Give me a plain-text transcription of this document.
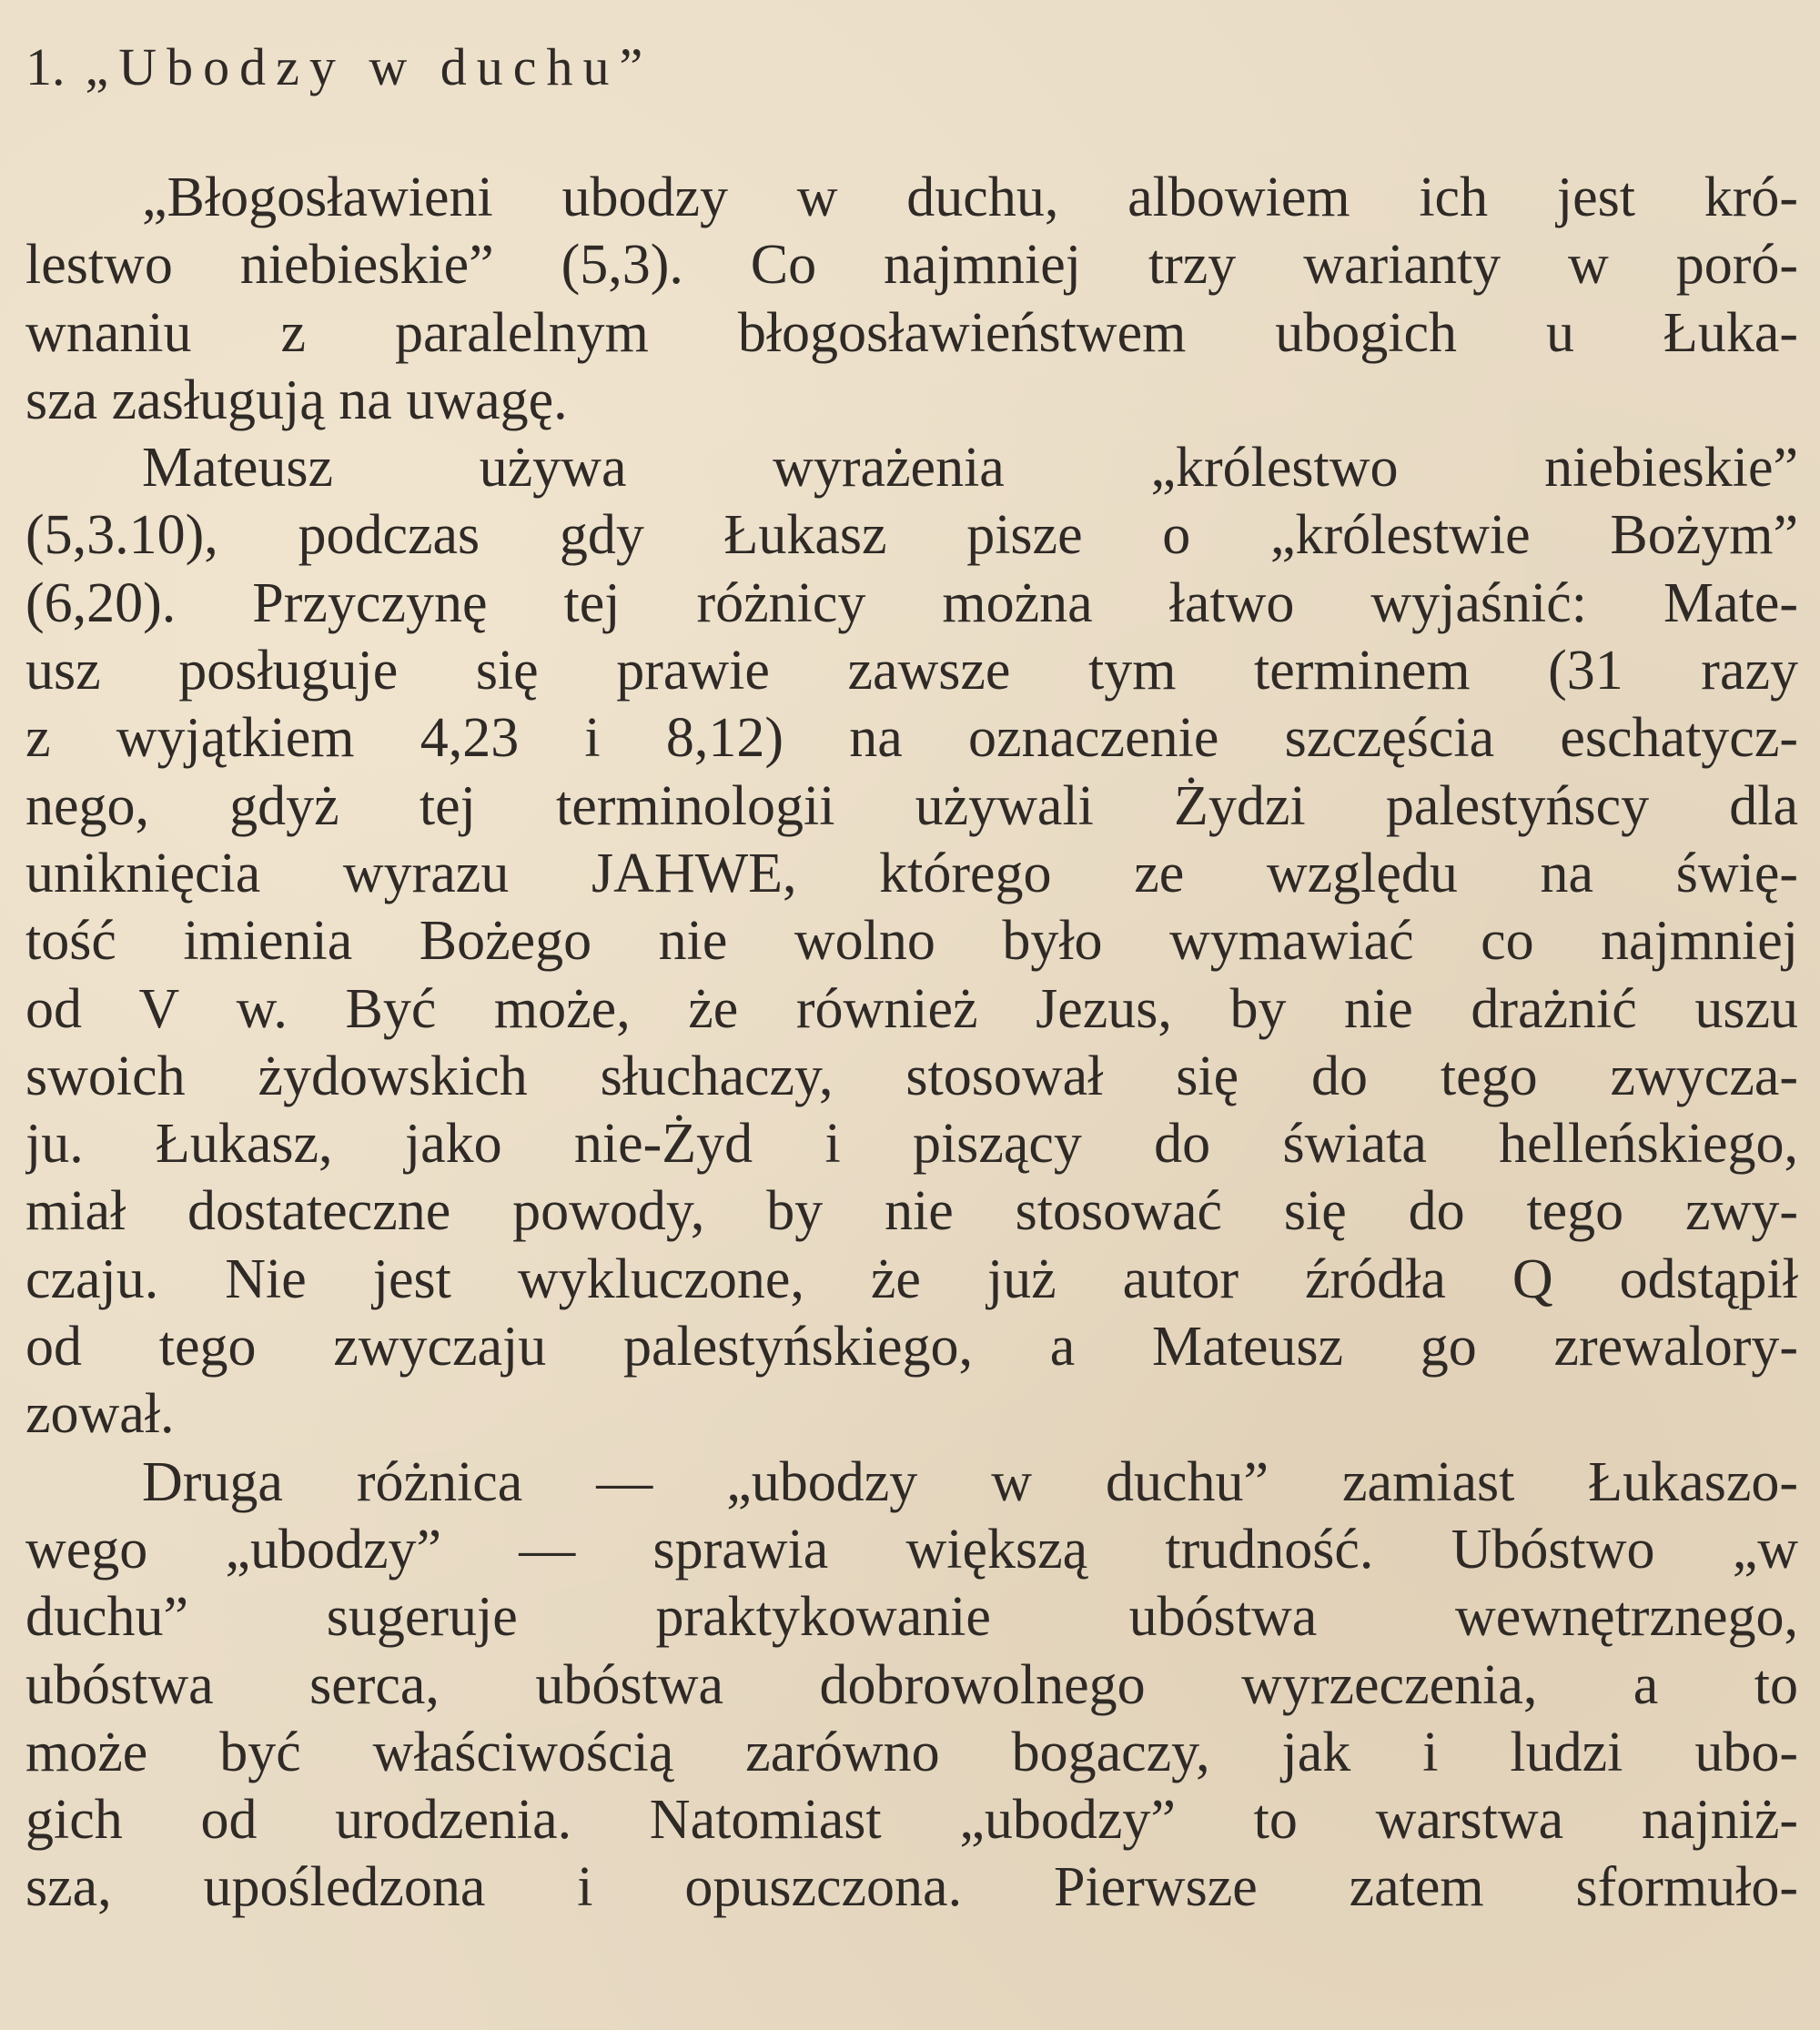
1. „Ubodzy w duchu”
„Błogosławieni ubodzy w duchu, albowiem ich jest kró-
lestwo niebieskie” (5,3). Co najmniej trzy warianty w poró-
wnaniu z paralelnym błogosławieństwem ubogich u Łuka-
sza zasługują na uwagę.
Mateusz używa wyrażenia „królestwo niebieskie”
(5,3.10), podczas gdy Łukasz pisze o „królestwie Bożym”
(6,20). Przyczynę tej różnicy można łatwo wyjaśnić: Mate-
usz posługuje się prawie zawsze tym terminem (31 razy
z wyjątkiem 4,23 i 8,12) na oznaczenie szczęścia eschatycz-
nego, gdyż tej terminologii używali Żydzi palestyńscy dla
uniknięcia wyrazu JAHWE, którego ze względu na świę-
tość imienia Bożego nie wolno było wymawiać co najmniej
od V w. Być może, że również Jezus, by nie drażnić uszu
swoich żydowskich słuchaczy, stosował się do tego zwycza-
ju. Łukasz, jako nie-Żyd i piszący do świata helleńskiego,
miał dostateczne powody, by nie stosować się do tego zwy-
czaju. Nie jest wykluczone, że już autor źródła Q odstąpił
od tego zwyczaju palestyńskiego, a Mateusz go zrewalory-
zował.
Druga różnica — „ubodzy w duchu” zamiast Łukaszo-
wego „ubodzy” — sprawia większą trudność. Ubóstwo „w
duchu” sugeruje praktykowanie ubóstwa wewnętrznego,
ubóstwa serca, ubóstwa dobrowolnego wyrzeczenia, a to
może być właściwością zarówno bogaczy, jak i ludzi ubo-
gich od urodzenia. Natomiast „ubodzy” to warstwa najniż-
sza, upośledzona i opuszczona. Pierwsze zatem sformuło-
